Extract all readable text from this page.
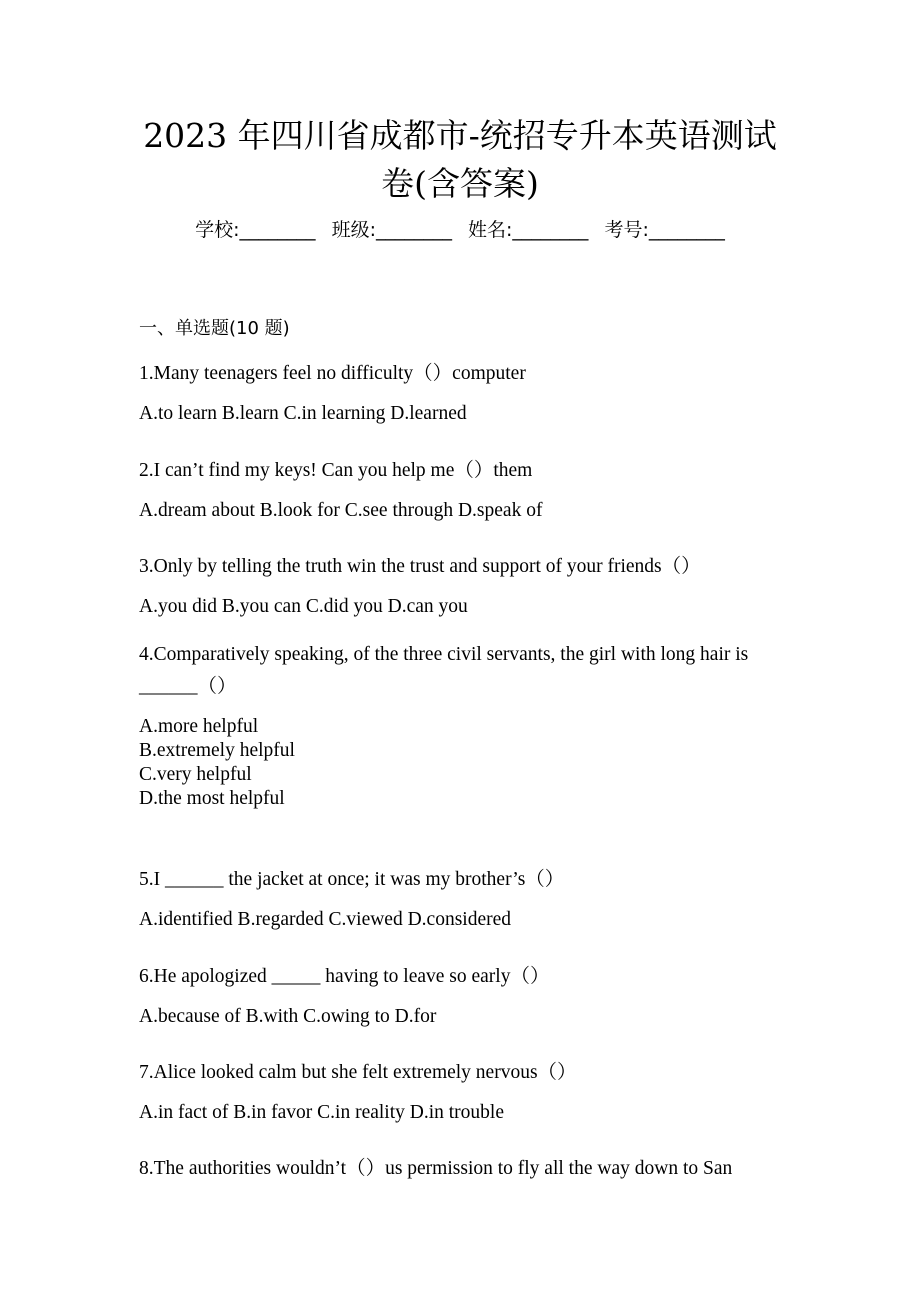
2023 年四川省成都市-统招专升本英语测试
卷(含答案)
学校:________ 班级:________ 姓名:________ 考号:________
一、单选题(10 题)
1.Many teenagers feel no difficulty（）computer
A.to learn B.learn C.in learning D.learned
2.I can’t find my keys! Can you help me（）them
A.dream about B.look for C.see through D.speak of
3.Only by telling the truth win the trust and support of your friends（）
A.you did B.you can C.did you D.can you
4.Comparatively speaking, of the three civil servants, the girl with long hair is ______（）
A.more helpful
B.extremely helpful
C.very helpful
D.the most helpful
5.I ______ the jacket at once; it was my brother’s（）
A.identified B.regarded C.viewed D.considered
6.He apologized _____ having to leave so early（）
A.because of B.with C.owing to D.for
7.Alice looked calm but she felt extremely nervous（）
A.in fact of B.in favor C.in reality D.in trouble
8.The authorities wouldn’t（）us permission to fly all the way down to San
